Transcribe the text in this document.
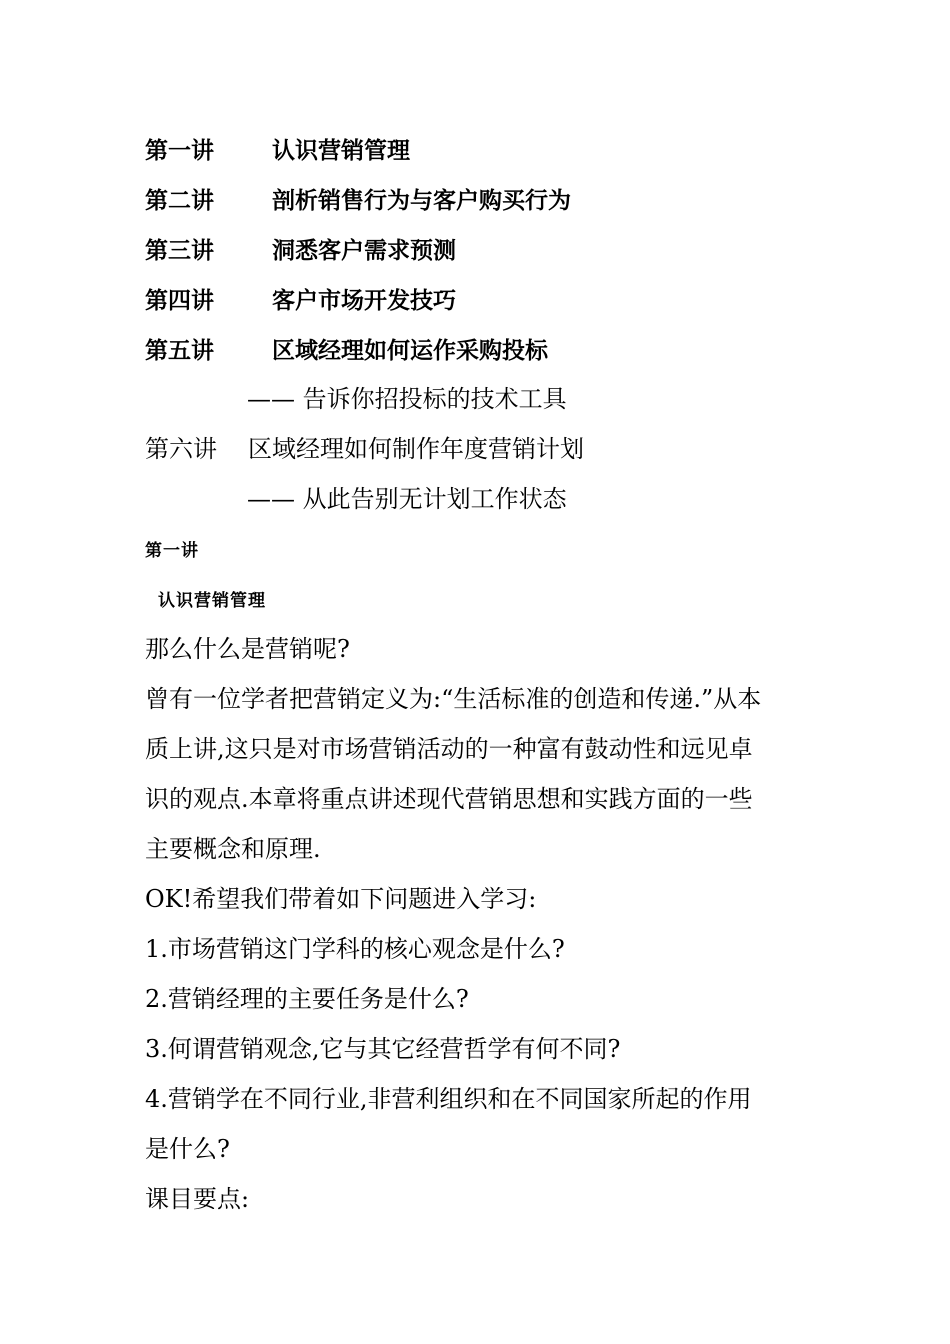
第一讲	认识营销管理
第二讲	剖析销售行为与客户购买行为
第三讲	洞悉客户需求预测
第四讲	客户市场开发技巧
第五讲	区域经理如何运作采购投标
—— 告诉你招投标的技术工具
第六讲 区域经理如何制作年度营销计划
—— 从此告别无计划工作状态
第一讲
认识营销管理
那么什么是营销呢?
曾有一位学者把营销定义为:“生活标准的创造和传递.”从本
质上讲,这只是对市场营销活动的一种富有鼓动性和远见卓
识的观点.本章将重点讲述现代营销思想和实践方面的一些
主要概念和原理.
OK!希望我们带着如下问题进入学习:
1.市场营销这门学科的核心观念是什么?
2.营销经理的主要任务是什么?
3.何谓营销观念,它与其它经营哲学有何不同?
4.营销学在不同行业,非营利组织和在不同国家所起的作用
是什么?
课目要点:
